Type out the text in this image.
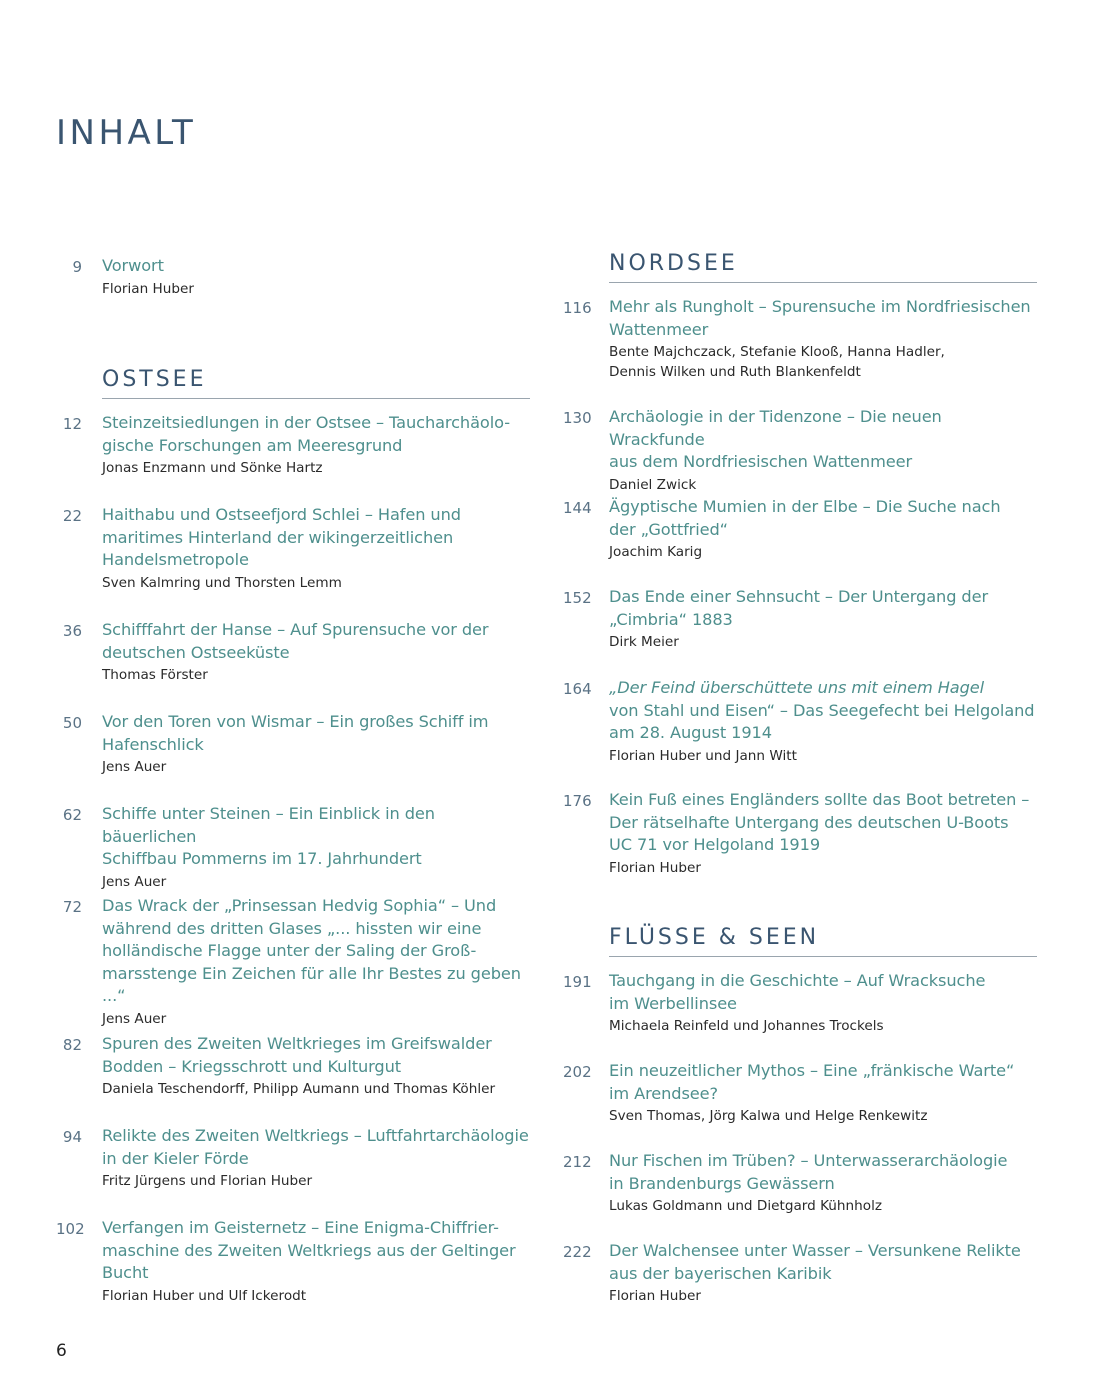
INHALT
9 Vorwort
Florian Huber
OSTSEE
12 Steinzeitsiedlungen in der Ostsee – Taucharchäolo-
gische Forschungen am Meeresgrund
Jonas Enzmann und Sönke Hartz
22 Haithabu und Ostseefjord Schlei – Hafen und
maritimes Hinterland der wikingerzeitlichen
Handelsmetropole
Sven Kalmring und Thorsten Lemm
36 Schifffahrt der Hanse – Auf Spurensuche vor der
deutschen Ostseeküste
Thomas Förster
50 Vor den Toren von Wismar – Ein großes Schiff im
Hafenschlick
Jens Auer
62 Schiffe unter Steinen – Ein Einblick in den bäuerlichen
Schiffbau Pommerns im 17. Jahrhundert
Jens Auer
72 Das Wrack der „Prinsessan Hedvig Sophia“ – Und
während des dritten Glases „... hissten wir eine
holländische Flagge unter der Saling der Groß-
marsstenge Ein Zeichen für alle Ihr Bestes zu geben ...“
Jens Auer
82 Spuren des Zweiten Weltkrieges im Greifswalder
Bodden – Kriegsschrott und Kulturgut
Daniela Teschendorff, Philipp Aumann und Thomas Köhler
94 Relikte des Zweiten Weltkriegs – Luftfahrtarchäologie
in der Kieler Förde
Fritz Jürgens und Florian Huber
102 Verfangen im Geisternetz – Eine Enigma-Chiffrier-
maschine des Zweiten Weltkriegs aus der Geltinger
Bucht
Florian Huber und Ulf Ickerodt
NORDSEE
116 Mehr als Rungholt – Spurensuche im Nordfriesischen
Wattenmeer
Bente Majchczack, Stefanie Klooß, Hanna Hadler,
Dennis Wilken und Ruth Blankenfeldt
130 Archäologie in der Tidenzone – Die neuen Wrackfunde
aus dem Nordfriesischen Wattenmeer
Daniel Zwick
144 Ägyptische Mumien in der Elbe – Die Suche nach
der „Gottfried“
Joachim Karig
152 Das Ende einer Sehnsucht – Der Untergang der
„Cimbria“ 1883
Dirk Meier
164 „Der Feind überschüttete uns mit einem Hagel
von Stahl und Eisen“ – Das Seegefecht bei Helgoland
am 28. August 1914
Florian Huber und Jann Witt
176 Kein Fuß eines Engländers sollte das Boot betreten –
Der rätselhafte Untergang des deutschen U-Boots
UC 71 vor Helgoland 1919
Florian Huber
FLÜSSE & SEEN
191 Tauchgang in die Geschichte – Auf Wracksuche
im Werbellinsee
Michaela Reinfeld und Johannes Trockels
202 Ein neuzeitlicher Mythos – Eine „fränkische Warte“
im Arendsee?
Sven Thomas, Jörg Kalwa und Helge Renkewitz
212 Nur Fischen im Trüben? – Unterwasserarchäologie
in Brandenburgs Gewässern
Lukas Goldmann und Dietgard Kühnholz
222 Der Walchensee unter Wasser – Versunkene Relikte
aus der bayerischen Karibik
Florian Huber
6
